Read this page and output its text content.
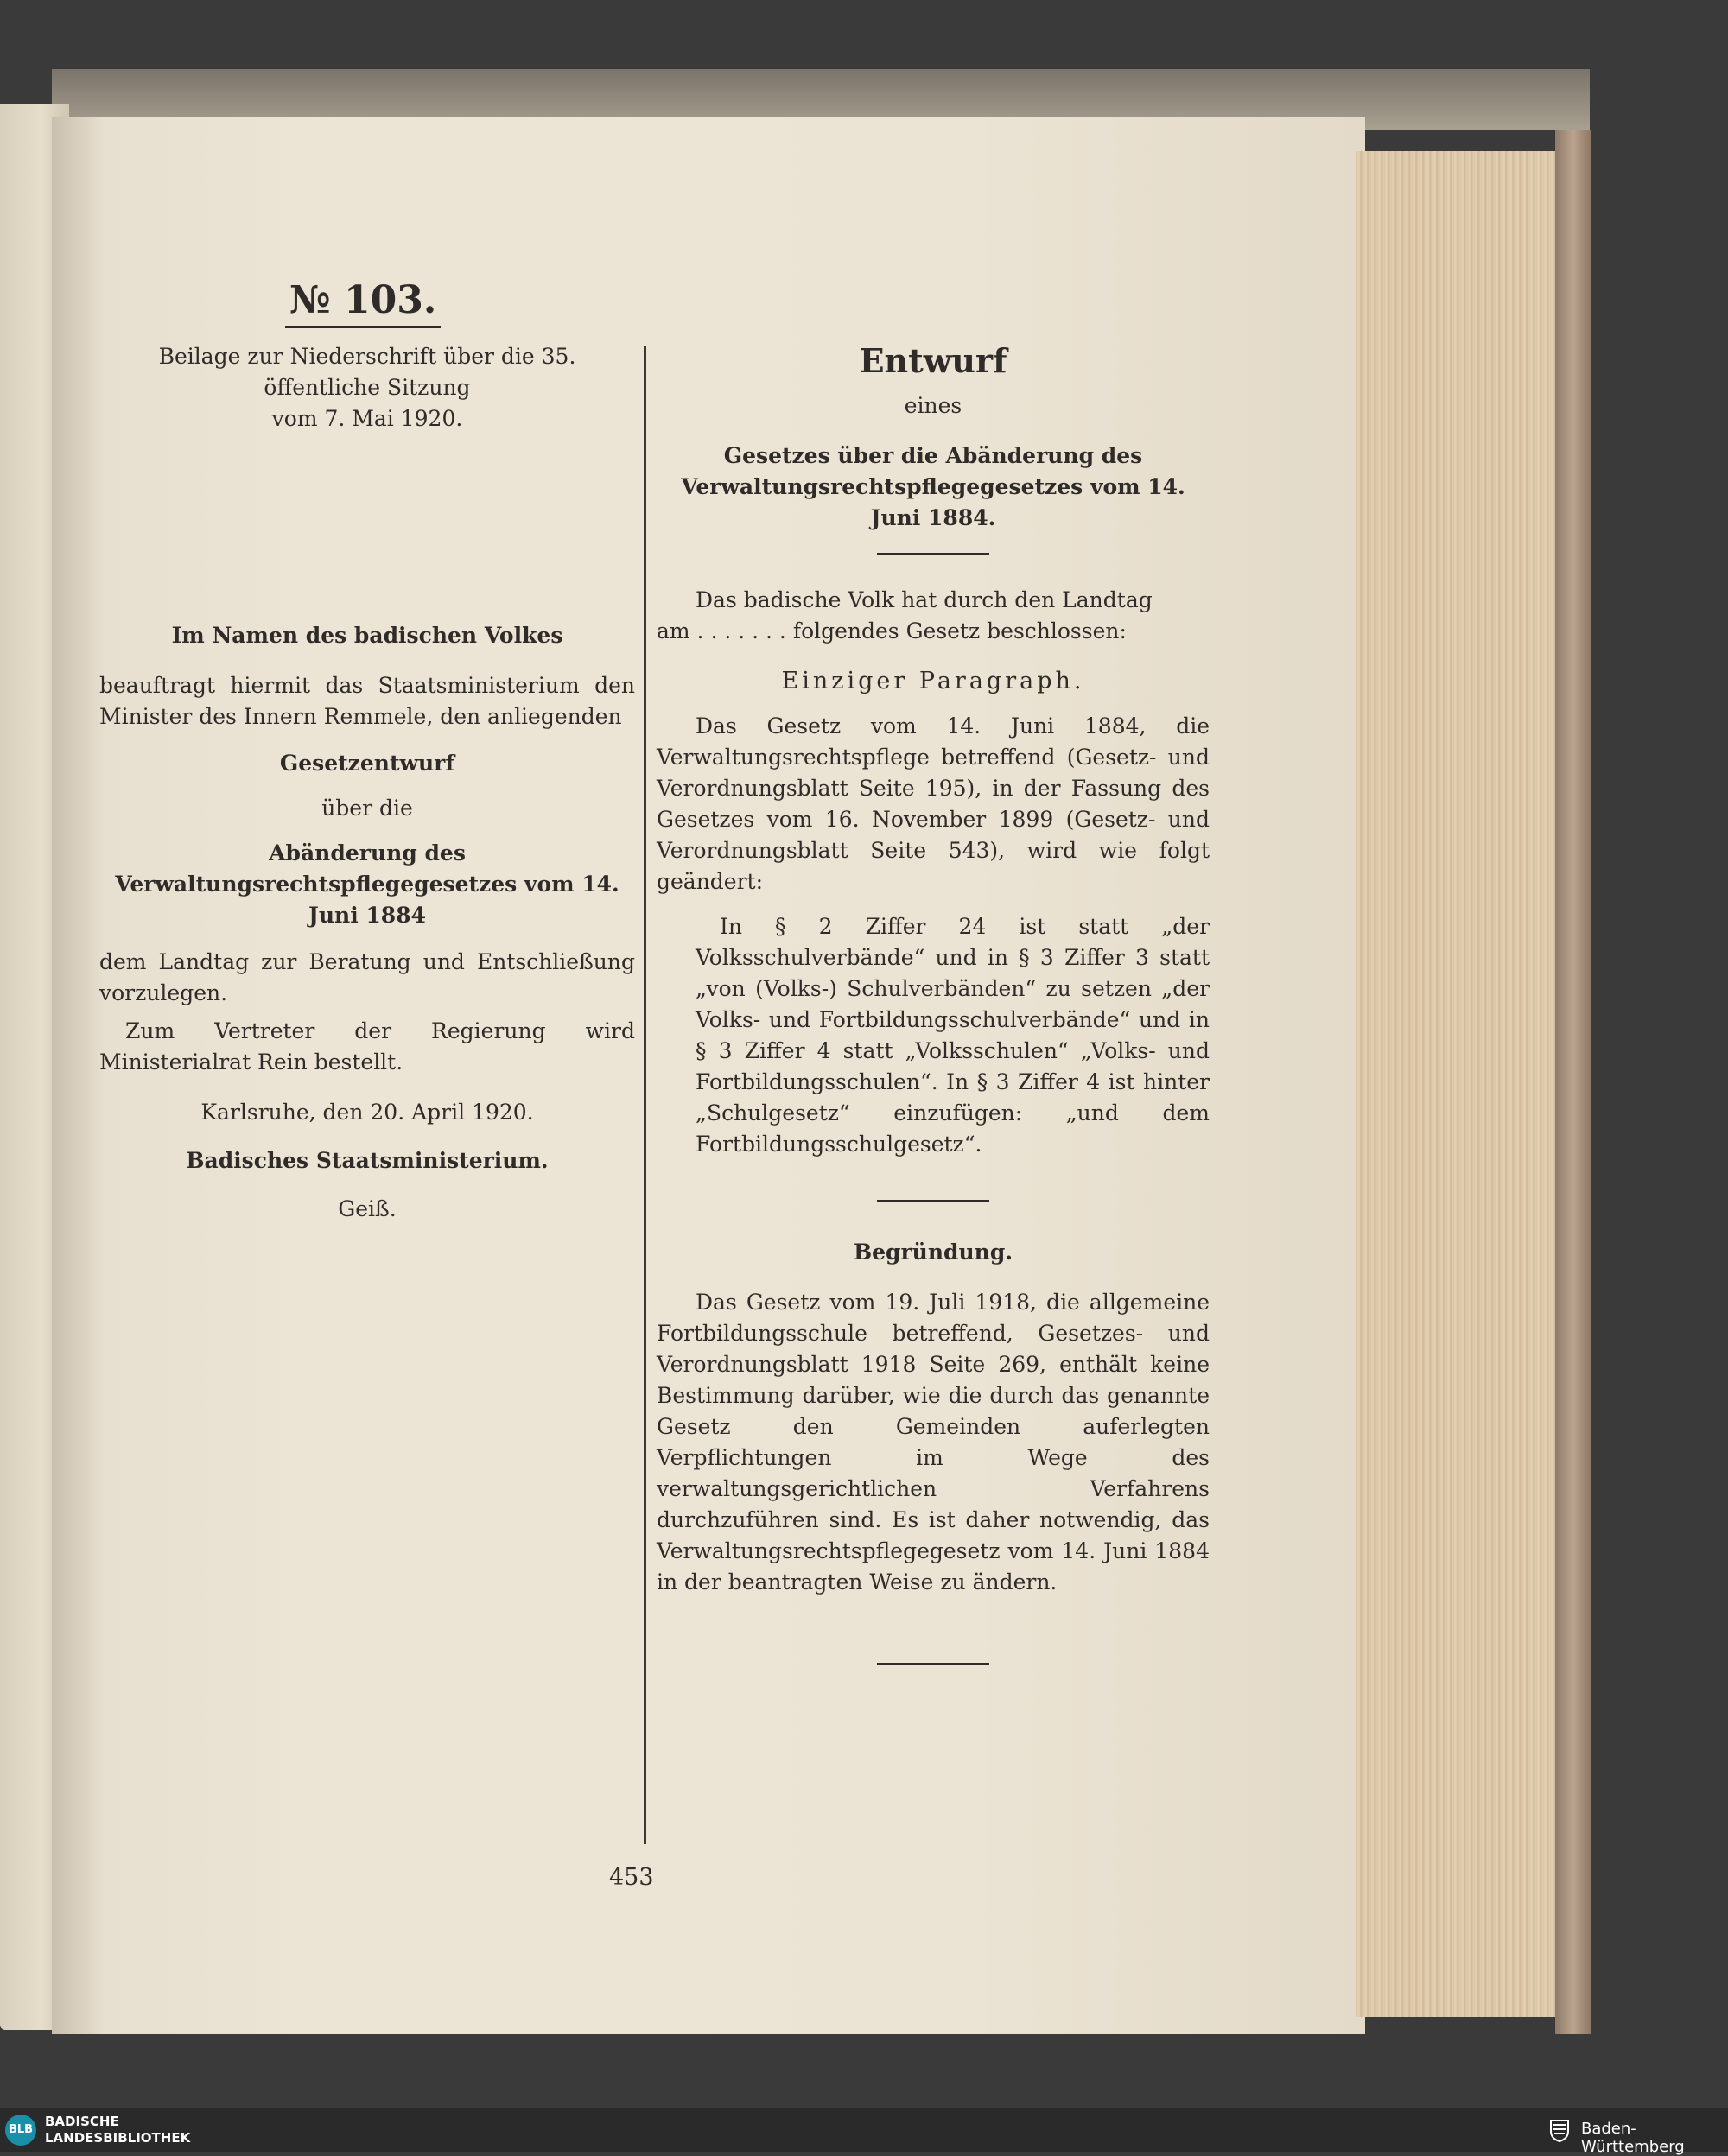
№ 103.

Beilage zur Niederschrift über die 35. öffentliche Sitzung

vom 7. Mai 1920.

Im Namen des badischen Volkes

beauftragt hiermit das Staatsministerium den Minister des Innern Remmele, den anliegenden

Gesetzentwurf

über die

Abänderung des Verwaltungsrechtspflegegesetzes vom 14. Juni 1884

dem Landtag zur Beratung und Entschließung vorzulegen.

Zum Vertreter der Regierung wird Ministerialrat Rein bestellt.

Karlsruhe, den 20. April 1920.

Badisches Staatsministerium.

Geiß.

Entwurf

eines

Gesetzes über die Abänderung des Verwaltungsrechtspflegegesetzes vom 14. Juni 1884.

Das badische Volk hat durch den Landtag

am . . . . . . . folgendes Gesetz beschlossen:

Einziger Paragraph.

Das Gesetz vom 14. Juni 1884, die Verwaltungsrechtspflege betreffend (Gesetz- und Verordnungsblatt Seite 195), in der Fassung des Gesetzes vom 16. November 1899 (Gesetz- und Verordnungsblatt Seite 543), wird wie folgt geändert:

In § 2 Ziffer 24 ist statt „der Volksschulverbände“ und in § 3 Ziffer 3 statt „von (Volks-) Schulverbänden“ zu setzen „der Volks- und Fortbildungsschulverbände“ und in § 3 Ziffer 4 statt „Volksschulen“ „Volks- und Fortbildungsschulen“. In § 3 Ziffer 4 ist hinter „Schulgesetz“ einzufügen: „und dem Fortbildungsschulgesetz“.

Begründung.

Das Gesetz vom 19. Juli 1918, die allgemeine Fortbildungsschule betreffend, Gesetzes- und Verordnungsblatt 1918 Seite 269, enthält keine Bestimmung darüber, wie die durch das genannte Gesetz den Gemeinden auferlegten Verpflichtungen im Wege des verwaltungsgerichtlichen Verfahrens durchzuführen sind. Es ist daher notwendig, das Verwaltungsrechtspflegegesetz vom 14. Juni 1884 in der beantragten Weise zu ändern.

453
BLB
BADISCHE
LANDESBIBLIOTHEK	Baden-Württemberg
